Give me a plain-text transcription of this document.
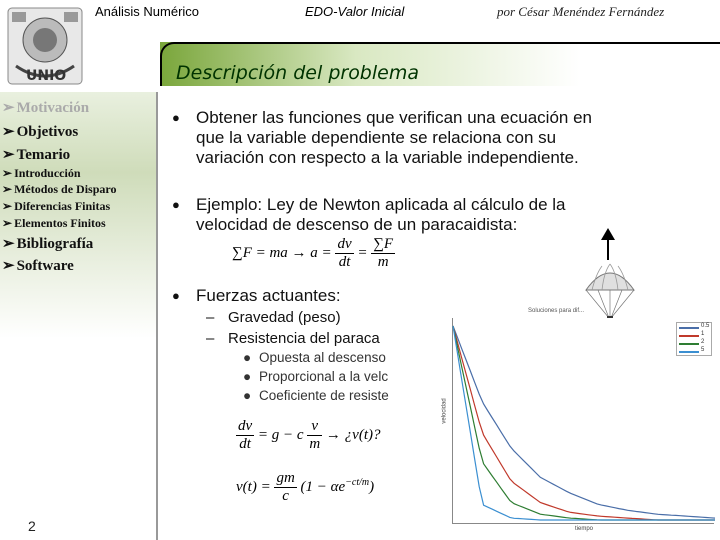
UNIO
Análisis Numérico	EDO-Valor Inicial	por César Menéndez Fernández
Descripción del problema
➢ Motivación
➢ Objetivos
➢ Temario
➢ Introducción
➢ Métodos de Disparo
➢ Diferencias Finitas
➢ Elementos Finitos
➢ Bibliografía
➢ Software
2
● Obtener las funciones que verifican una ecuación en
que la variable dependiente se relaciona con su
variación con respecto a la variable independiente.
● Ejemplo: Ley de Newton aplicada al cálculo de la
velocidad de descenso de un paracaidista:
∑F = ma → $a = \frac{dv}{dt} = \frac{\sum F}{m}$
● Fuerzas actuantes:
– Gravedad (peso)
– Resistencia del paraca
Opuesta al descenso
●
Proporcional a la velc
●
Coeficiente de resiste
●
$\frac{dv}{dt} = g - c \frac{v}{m}$ → ¿v(t)?
$v(t) = \frac{gm}{c} (1 - \alpha e^{-ct/m})$
Soluciones para dif...
velocidad
0.5
1
2
5
tiempo
